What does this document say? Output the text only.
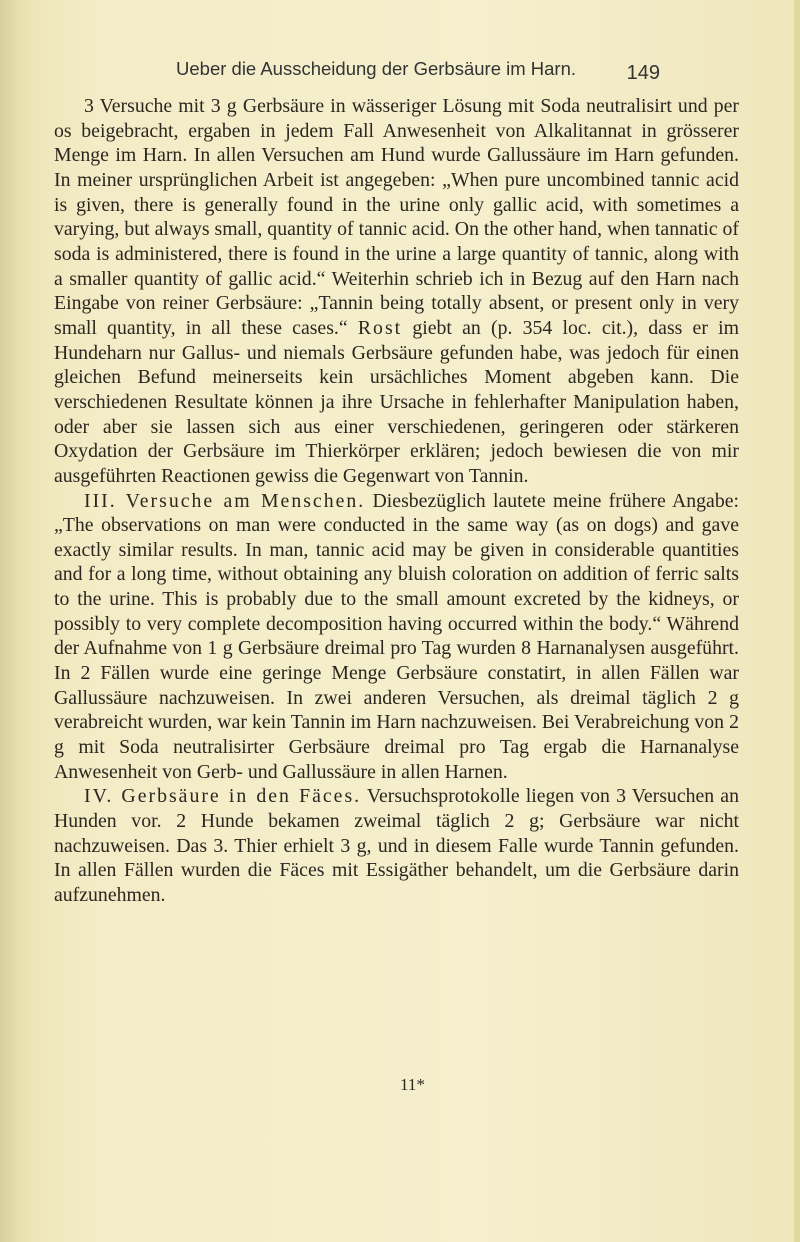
Ueber die Ausscheidung der Gerbsäure im Harn.	149

3 Versuche mit 3 g Gerbsäure in wässeriger Lösung mit Soda neutralisirt und per os beigebracht, ergaben in jedem Fall Anwesenheit von Alkalitannat in grösserer Menge im Harn. In allen Versuchen am Hund wurde Gallussäure im Harn gefunden. In meiner ursprünglichen Arbeit ist angegeben: „When pure uncombined tannic acid is given, there is generally found in the urine only gallic acid, with sometimes a varying, but always small, quantity of tannic acid. On the other hand, when tannatic of soda is administered, there is found in the urine a large quantity of tannic, along with a smaller quantity of gallic acid.“ Weiterhin schrieb ich in Bezug auf den Harn nach Eingabe von reiner Gerbsäure: „Tannin being totally absent, or present only in very small quantity, in all these cases.“ Rost giebt an (p. 354 loc. cit.), dass er im Hundeharn nur Gallus- und niemals Gerbsäure gefunden habe, was jedoch für einen gleichen Befund meinerseits kein ursächliches Moment abgeben kann. Die verschiedenen Resultate können ja ihre Ursache in fehlerhafter Manipulation haben, oder aber sie lassen sich aus einer verschiedenen, geringeren oder stärkeren Oxydation der Gerbsäure im Thierkörper erklären; jedoch bewiesen die von mir ausgeführten Reactionen gewiss die Gegenwart von Tannin.

III. Versuche am Menschen. Diesbezüglich lautete meine frühere Angabe: „The observations on man were conducted in the same way (as on dogs) and gave exactly similar results. In man, tannic acid may be given in considerable quantities and for a long time, without obtaining any bluish coloration on addition of ferric salts to the urine. This is probably due to the small amount excreted by the kidneys, or possibly to very complete decomposition having occurred within the body.“ Während der Aufnahme von 1 g Gerbsäure dreimal pro Tag wurden 8 Harnanalysen ausgeführt. In 2 Fällen wurde eine geringe Menge Gerbsäure constatirt, in allen Fällen war Gallussäure nachzuweisen. In zwei anderen Versuchen, als dreimal täglich 2 g verabreicht wurden, war kein Tannin im Harn nachzuweisen. Bei Verabreichung von 2 g mit Soda neutralisirter Gerbsäure dreimal pro Tag ergab die Harnanalyse Anwesenheit von Gerb- und Gallussäure in allen Harnen.

IV. Gerbsäure in den Fäces. Versuchsprotokolle liegen von 3 Versuchen an Hunden vor. 2 Hunde bekamen zweimal täglich 2 g; Gerbsäure war nicht nachzuweisen. Das 3. Thier erhielt 3 g, und in diesem Falle wurde Tannin gefunden. In allen Fällen wurden die Fäces mit Essigäther behandelt, um die Gerbsäure darin aufzunehmen.

11*
